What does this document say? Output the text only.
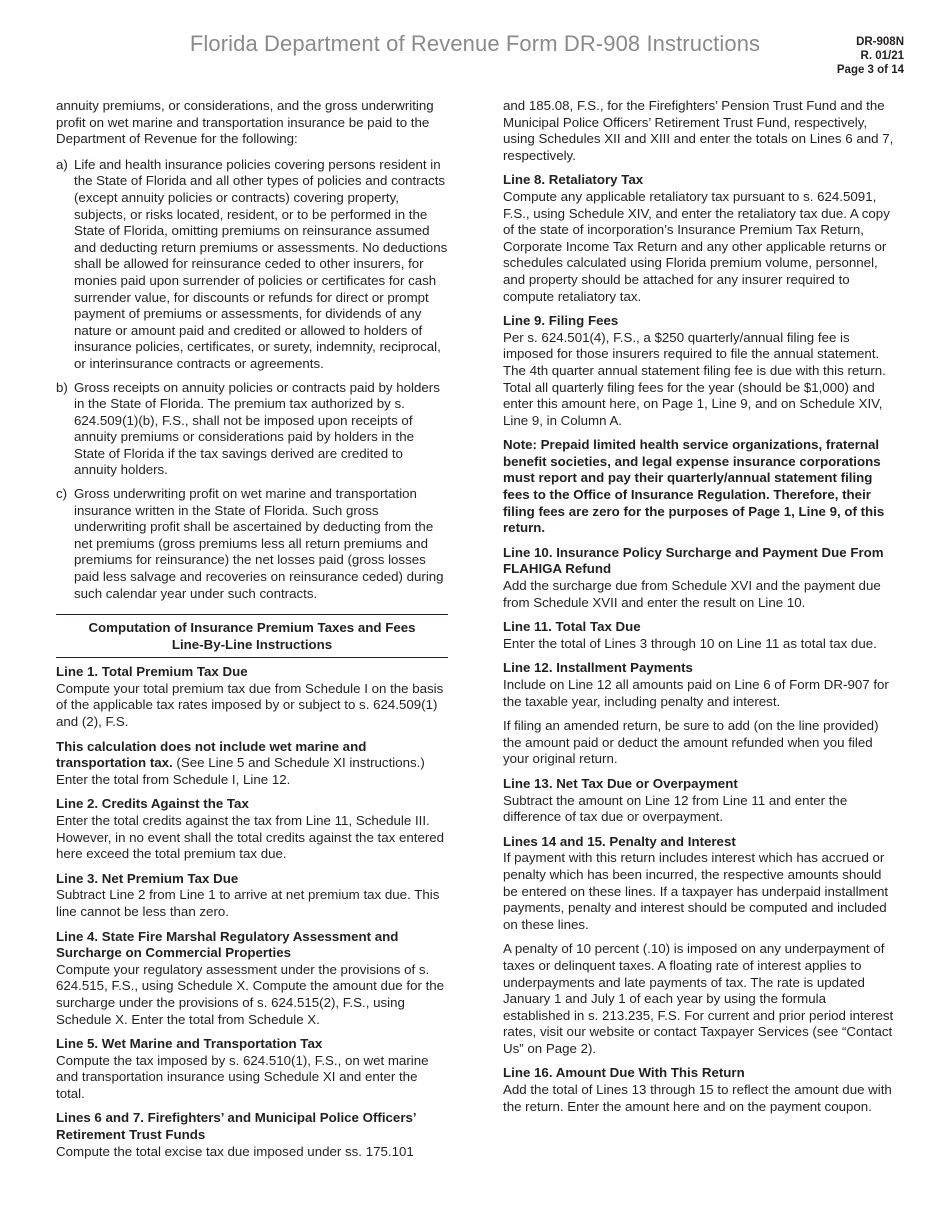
Florida Department of Revenue Form DR-908 Instructions	DR-908N
R. 01/21
Page 3 of 14

annuity premiums, or considerations, and the gross underwriting profit on wet marine and transportation insurance be paid to the Department of Revenue for the following:

a) Life and health insurance policies covering persons resident in the State of Florida and all other types of policies and contracts (except annuity policies or contracts) covering property, subjects, or risks located, resident, or to be performed in the State of Florida, omitting premiums on reinsurance assumed and deducting return premiums or assessments. No deductions shall be allowed for reinsurance ceded to other insurers, for monies paid upon surrender of policies or certificates for cash surrender value, for discounts or refunds for direct or prompt payment of premiums or assessments, for dividends of any nature or amount paid and credited or allowed to holders of insurance policies, certificates, or surety, indemnity, reciprocal, or interinsurance contracts or agreements.
b) Gross receipts on annuity policies or contracts paid by holders in the State of Florida. The premium tax authorized by s. 624.509(1)(b), F.S., shall not be imposed upon receipts of annuity premiums or considerations paid by holders in the State of Florida if the tax savings derived are credited to annuity holders.
c) Gross underwriting profit on wet marine and transportation insurance written in the State of Florida. Such gross underwriting profit shall be ascertained by deducting from the net premiums (gross premiums less all return premiums and premiums for reinsurance) the net losses paid (gross losses paid less salvage and recoveries on reinsurance ceded) during such calendar year under such contracts.
Computation of Insurance Premium Taxes and Fees
Line-By-Line Instructions
Line 1. Total Premium Tax Due

Compute your total premium tax due from Schedule I on the basis of the applicable tax rates imposed by or subject to s. 624.509(1) and (2), F.S.

This calculation does not include wet marine and transportation tax. (See Line 5 and Schedule XI instructions.) Enter the total from Schedule I, Line 12.

Line 2. Credits Against the Tax

Enter the total credits against the tax from Line 11, Schedule III. However, in no event shall the total credits against the tax entered here exceed the total premium tax due.

Line 3. Net Premium Tax Due

Subtract Line 2 from Line 1 to arrive at net premium tax due. This line cannot be less than zero.

Line 4. State Fire Marshal Regulatory Assessment and Surcharge on Commercial Properties

Compute your regulatory assessment under the provisions of s. 624.515, F.S., using Schedule X. Compute the amount due for the surcharge under the provisions of s. 624.515(2), F.S., using Schedule X. Enter the total from Schedule X.

Line 5. Wet Marine and Transportation Tax

Compute the tax imposed by s. 624.510(1), F.S., on wet marine and transportation insurance using Schedule XI and enter the total.

Lines 6 and 7. Firefighters’ and Municipal Police Officers’ Retirement Trust Funds

Compute the total excise tax due imposed under ss. 175.101

and 185.08, F.S., for the Firefighters’ Pension Trust Fund and the Municipal Police Officers’ Retirement Trust Fund, respectively, using Schedules XII and XIII and enter the totals on Lines 6 and 7, respectively.

Line 8. Retaliatory Tax

Compute any applicable retaliatory tax pursuant to s. 624.5091, F.S., using Schedule XIV, and enter the retaliatory tax due. A copy of the state of incorporation’s Insurance Premium Tax Return, Corporate Income Tax Return and any other applicable returns or schedules calculated using Florida premium volume, personnel, and property should be attached for any insurer required to compute retaliatory tax.

Line 9. Filing Fees

Per s. 624.501(4), F.S., a $250 quarterly/annual filing fee is imposed for those insurers required to file the annual statement. The 4th quarter annual statement filing fee is due with this return. Total all quarterly filing fees for the year (should be $1,000) and enter this amount here, on Page 1, Line 9, and on Schedule XIV, Line 9, in Column A.

Note: Prepaid limited health service organizations, fraternal benefit societies, and legal expense insurance corporations must report and pay their quarterly/annual statement filing fees to the Office of Insurance Regulation. Therefore, their filing fees are zero for the purposes of Page 1, Line 9, of this return.

Line 10. Insurance Policy Surcharge and Payment Due From FLAHIGA Refund

Add the surcharge due from Schedule XVI and the payment due from Schedule XVII and enter the result on Line 10.

Line 11. Total Tax Due

Enter the total of Lines 3 through 10 on Line 11 as total tax due.

Line 12. Installment Payments

Include on Line 12 all amounts paid on Line 6 of Form DR-907 for the taxable year, including penalty and interest.

If filing an amended return, be sure to add (on the line provided) the amount paid or deduct the amount refunded when you filed your original return.

Line 13. Net Tax Due or Overpayment

Subtract the amount on Line 12 from Line 11 and enter the difference of tax due or overpayment.

Lines 14 and 15. Penalty and Interest

If payment with this return includes interest which has accrued or penalty which has been incurred, the respective amounts should be entered on these lines. If a taxpayer has underpaid installment payments, penalty and interest should be computed and included on these lines.

A penalty of 10 percent (.10) is imposed on any underpayment of taxes or delinquent taxes. A floating rate of interest applies to underpayments and late payments of tax. The rate is updated January 1 and July 1 of each year by using the formula established in s. 213.235, F.S. For current and prior period interest rates, visit our website or contact Taxpayer Services (see “Contact Us” on Page 2).

Line 16. Amount Due With This Return

Add the total of Lines 13 through 15 to reflect the amount due with the return. Enter the amount here and on the payment coupon.
